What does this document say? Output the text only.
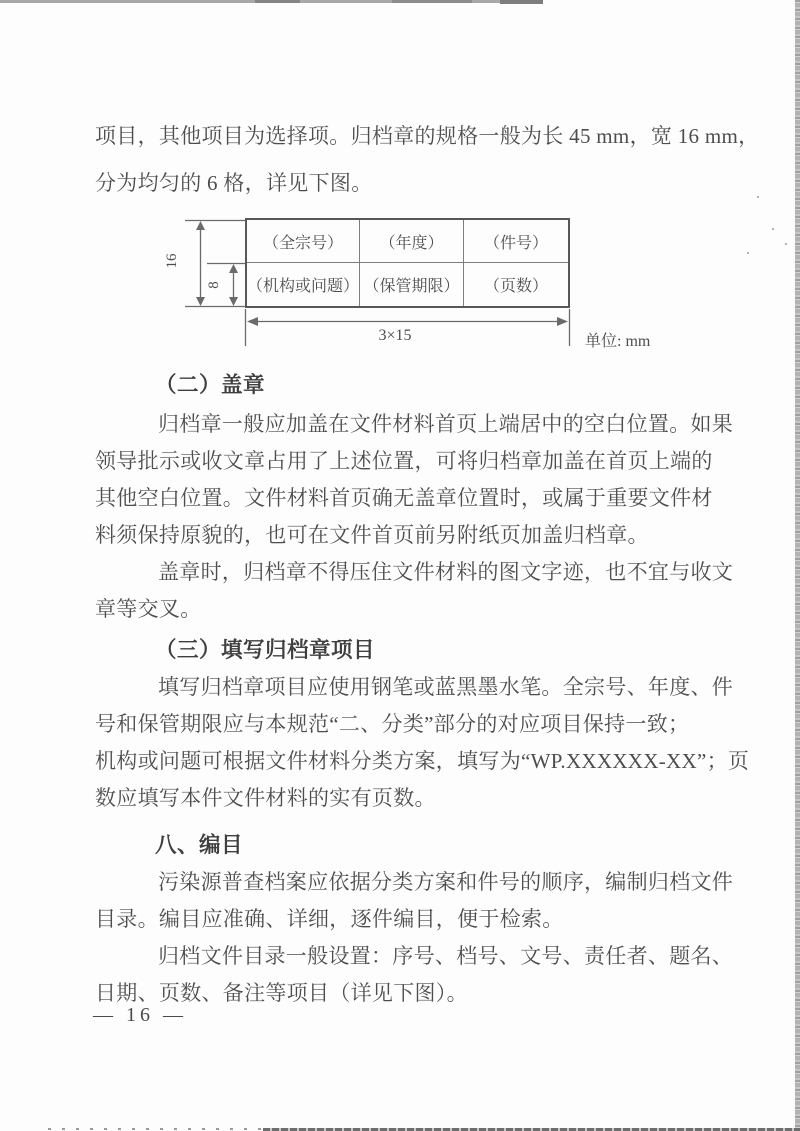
项目，其他项目为选择项。归档章的规格一般为长 45 mm，宽 16 mm，
分为均匀的 6 格，详见下图。
（全宗号）	（年度）	（件号）
（机构或问题） （保管期限）	（页数）
16
8
3×15	单位: mm
（二）盖章
归档章一般应加盖在文件材料首页上端居中的空白位置。如果
领导批示或收文章占用了上述位置，可将归档章加盖在首页上端的
其他空白位置。文件材料首页确无盖章位置时，或属于重要文件材
料须保持原貌的，也可在文件首页前另附纸页加盖归档章。
盖章时，归档章不得压住文件材料的图文字迹，也不宜与收文
章等交叉。
（三）填写归档章项目
填写归档章项目应使用钢笔或蓝黑墨水笔。全宗号、年度、件
号和保管期限应与本规范“二、分类”部分的对应项目保持一致；
机构或问题可根据文件材料分类方案，填写为“WP.XXXXXX-XX”；页
数应填写本件文件材料的实有页数。
八、编目
污染源普查档案应依据分类方案和件号的顺序，编制归档文件
目录。编目应准确、详细，逐件编目，便于检索。
归档文件目录一般设置：序号、档号、文号、责任者、题名、
日期、页数、备注等项目（详见下图）。
— 16 —
